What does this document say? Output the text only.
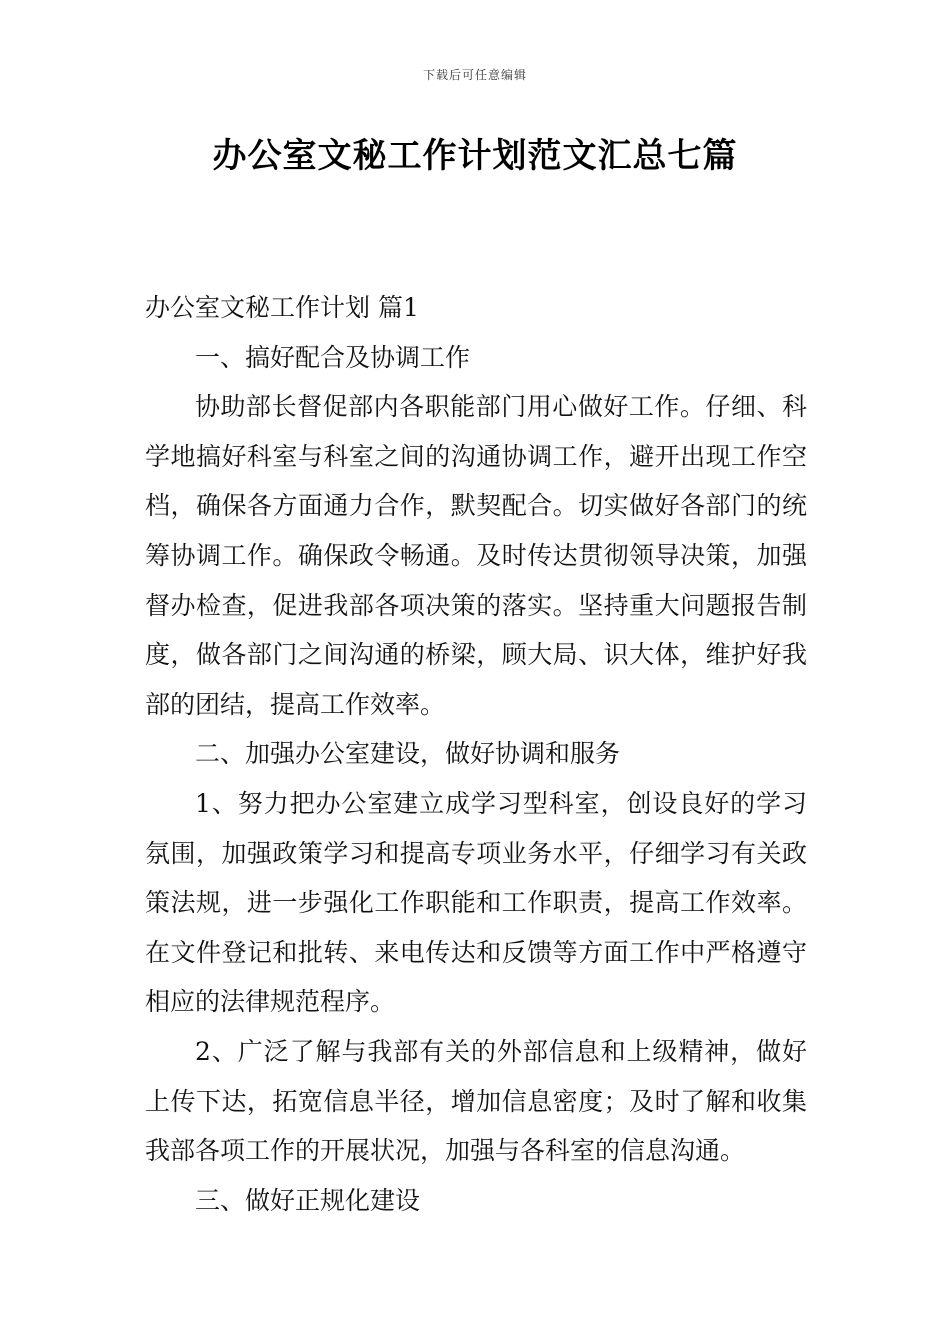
下载后可任意编辑
办公室文秘工作计划范文汇总七篇

办公室文秘工作计划 篇1

一、搞好配合及协调工作

协助部长督促部内各职能部门用心做好工作。仔细、科学地搞好科室与科室之间的沟通协调工作，避开出现工作空档，确保各方面通力合作，默契配合。切实做好各部门的统筹协调工作。确保政令畅通。及时传达贯彻领导决策，加强督办检查，促进我部各项决策的落实。坚持重大问题报告制度，做各部门之间沟通的桥梁，顾大局、识大体，维护好我部的团结，提高工作效率。

二、加强办公室建设，做好协调和服务

1、努力把办公室建立成学习型科室，创设良好的学习氛围，加强政策学习和提高专项业务水平，仔细学习有关政策法规，进一步强化工作职能和工作职责，提高工作效率。在文件登记和批转、来电传达和反馈等方面工作中严格遵守相应的法律规范程序。

2、广泛了解与我部有关的外部信息和上级精神，做好上传下达，拓宽信息半径，增加信息密度；及时了解和收集我部各项工作的开展状况，加强与各科室的信息沟通。

三、做好正规化建设
